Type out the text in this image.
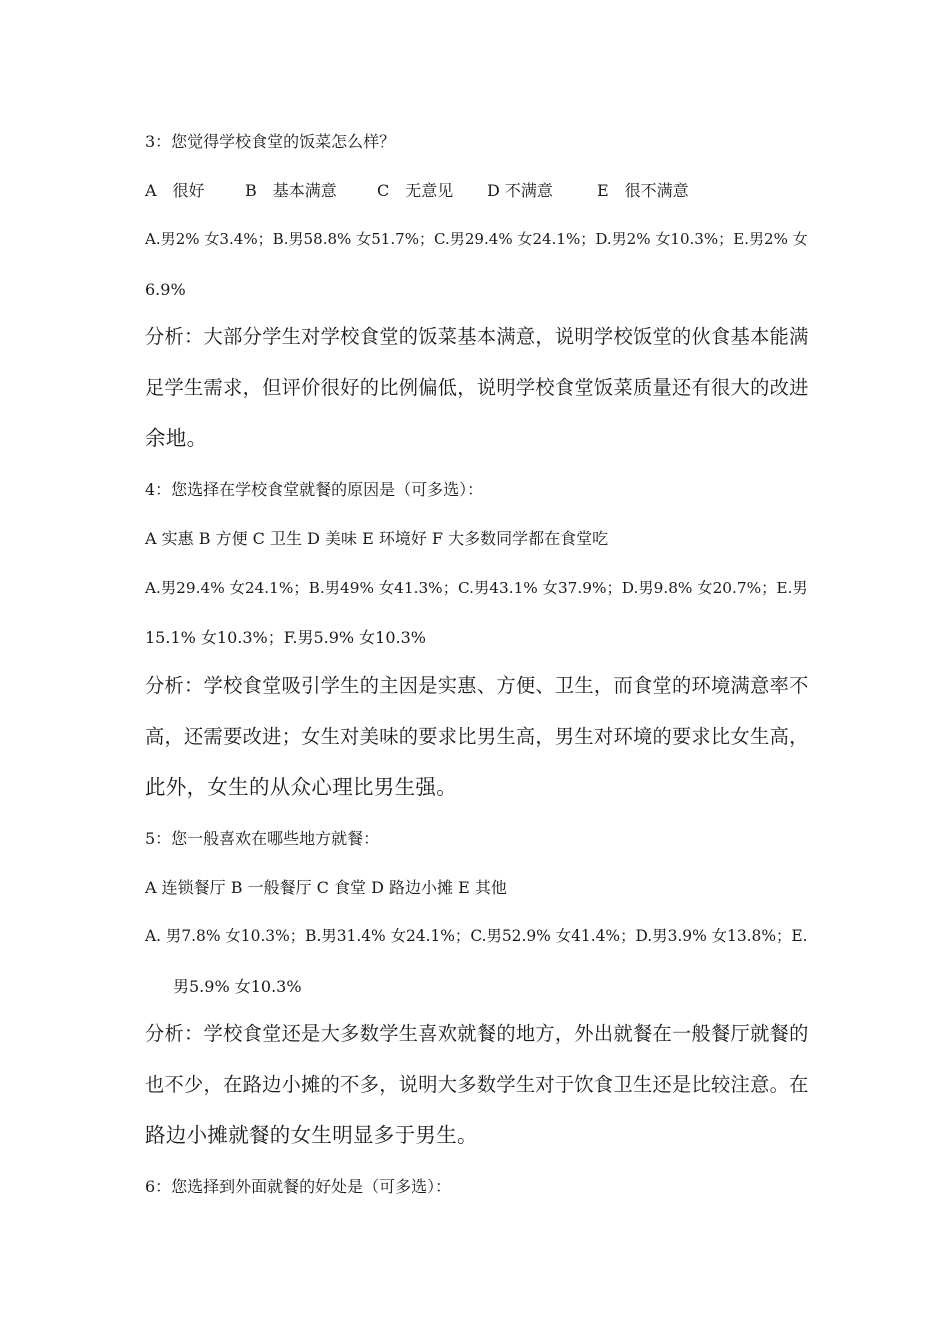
3：您觉得学校食堂的饭菜怎么样？
A　很好	B　基本满意	C　无意见 D 不满意	E　很不满意
A.男2% 女3.4%；B.男58.8% 女51.7%；C.男29.4% 女24.1%；D.男2% 女10.3%；E.男2% 女
6.9%
分析：大部分学生对学校食堂的饭菜基本满意，说明学校饭堂的伙食基本能满
足学生需求，但评价很好的比例偏低，说明学校食堂饭菜质量还有很大的改进
余地。
4：您选择在学校食堂就餐的原因是（可多选）：
A 实惠 B 方便 C 卫生 D 美味 E 环境好 F 大多数同学都在食堂吃
A.男29.4% 女24.1%；B.男49% 女41.3%；C.男43.1% 女37.9%；D.男9.8% 女20.7%；E.男
15.1% 女10.3%；F.男5.9% 女10.3%
分析：学校食堂吸引学生的主因是实惠、方便、卫生，而食堂的环境满意率不
高，还需要改进；女生对美味的要求比男生高，男生对环境的要求比女生高，
此外，女生的从众心理比男生强。
5：您一般喜欢在哪些地方就餐：
A 连锁餐厅 B 一般餐厅 C 食堂 D 路边小摊 E 其他
A. 男7.8% 女10.3%；B.男31.4% 女24.1%；C.男52.9% 女41.4%；D.男3.9% 女13.8%；E.
男5.9% 女10.3%
分析：学校食堂还是大多数学生喜欢就餐的地方，外出就餐在一般餐厅就餐的
也不少，在路边小摊的不多，说明大多数学生对于饮食卫生还是比较注意。在
路边小摊就餐的女生明显多于男生。
6：您选择到外面就餐的好处是（可多选）：
